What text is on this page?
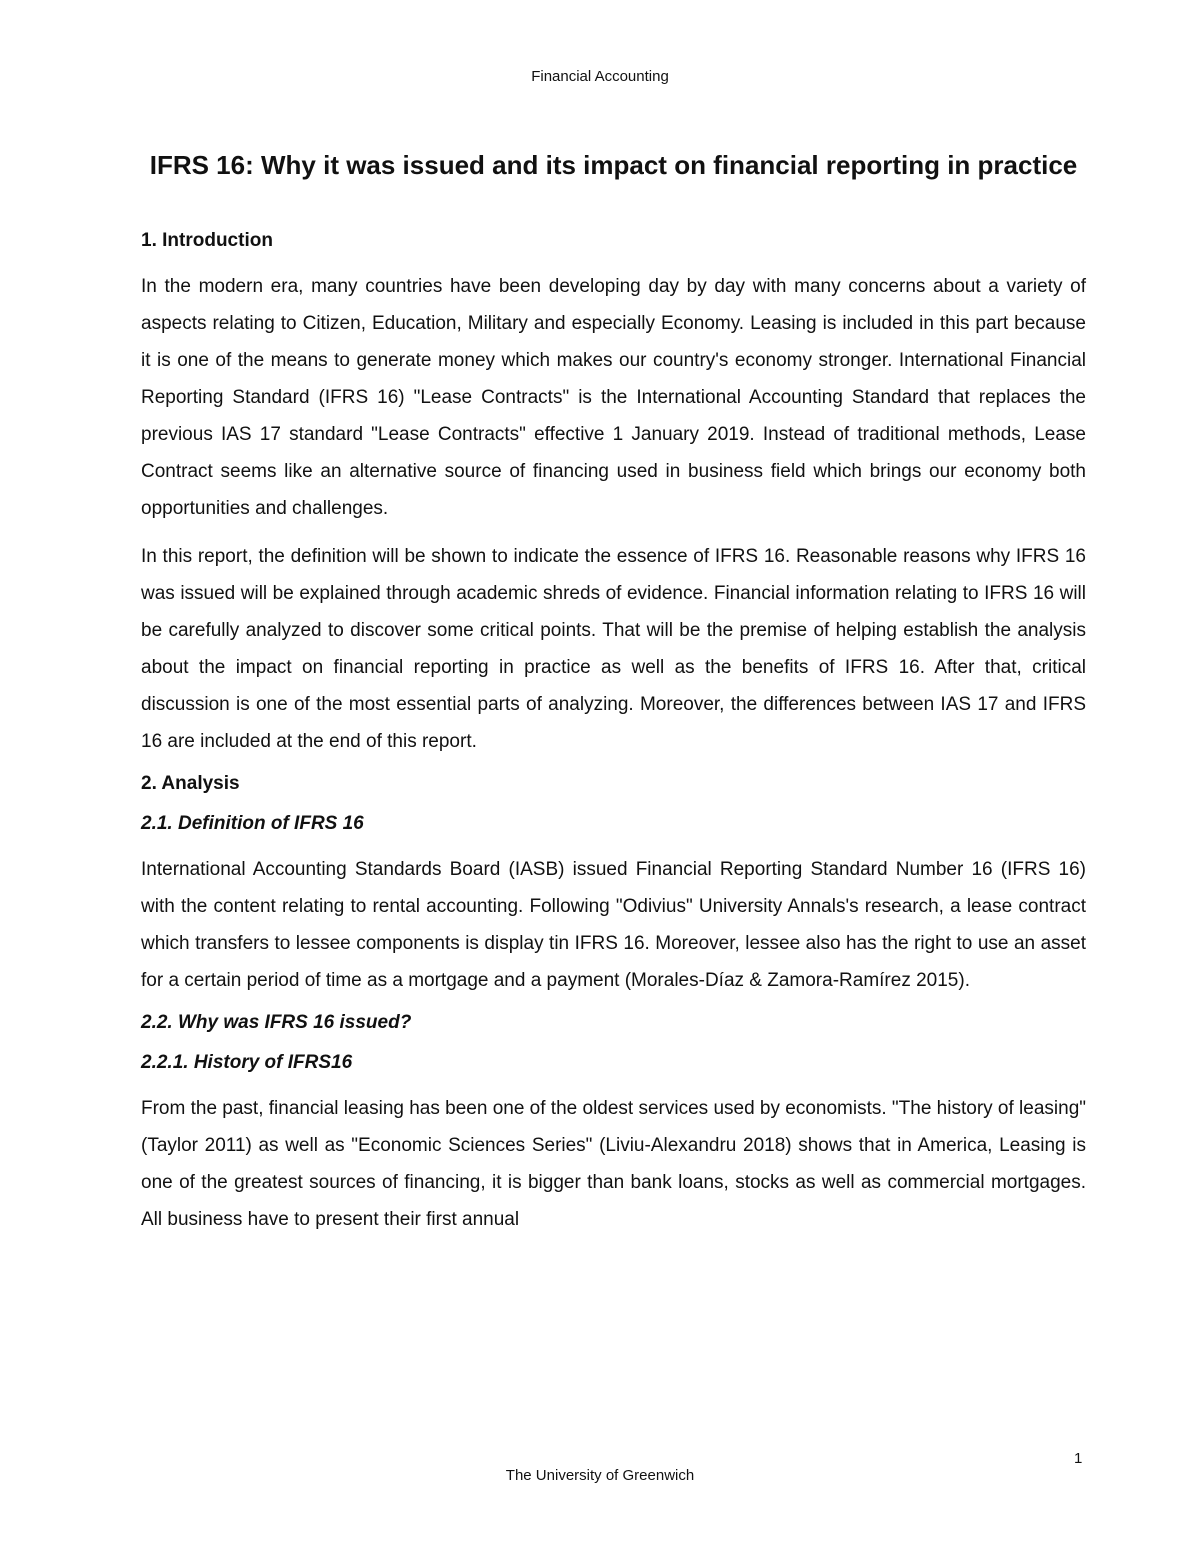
Financial Accounting
IFRS 16: Why it was issued and its impact on financial reporting in practice
1. Introduction

In the modern era, many countries have been developing day by day with many concerns about a variety of aspects relating to Citizen, Education, Military and especially Economy. Leasing is included in this part because it is one of the means to generate money which makes our country's economy stronger. International Financial Reporting Standard (IFRS 16) "Lease Contracts" is the International Accounting Standard that replaces the previous IAS 17 standard "Lease Contracts" effective 1 January 2019. Instead of traditional methods, Lease Contract seems like an alternative source of financing used in business field which brings our economy both opportunities and challenges.

In this report, the definition will be shown to indicate the essence of IFRS 16. Reasonable reasons why IFRS 16 was issued will be explained through academic shreds of evidence. Financial information relating to IFRS 16 will be carefully analyzed to discover some critical points. That will be the premise of helping establish the analysis about the impact on financial reporting in practice as well as the benefits of IFRS 16. After that, critical discussion is one of the most essential parts of analyzing. Moreover, the differences between IAS 17 and IFRS 16 are included at the end of this report.

2. Analysis
2.1. Definition of IFRS 16

International Accounting Standards Board (IASB) issued Financial Reporting Standard Number 16 (IFRS 16) with the content relating to rental accounting. Following "Odivius" University Annals's research, a lease contract which transfers to lessee components is display tin IFRS 16. Moreover, lessee also has the right to use an asset for a certain period of time as a mortgage and a payment (Morales-Díaz & Zamora-Ramírez 2015).

2.2. Why was IFRS 16 issued?
2.2.1. History of IFRS16

From the past, financial leasing has been one of the oldest services used by economists. "The history of leasing" (Taylor 2011) as well as "Economic Sciences Series" (Liviu-Alexandru 2018) shows that in America, Leasing is one of the greatest sources of financing, it is bigger than bank loans, stocks as well as commercial mortgages. All business have to present their first annual

1
The University of Greenwich
